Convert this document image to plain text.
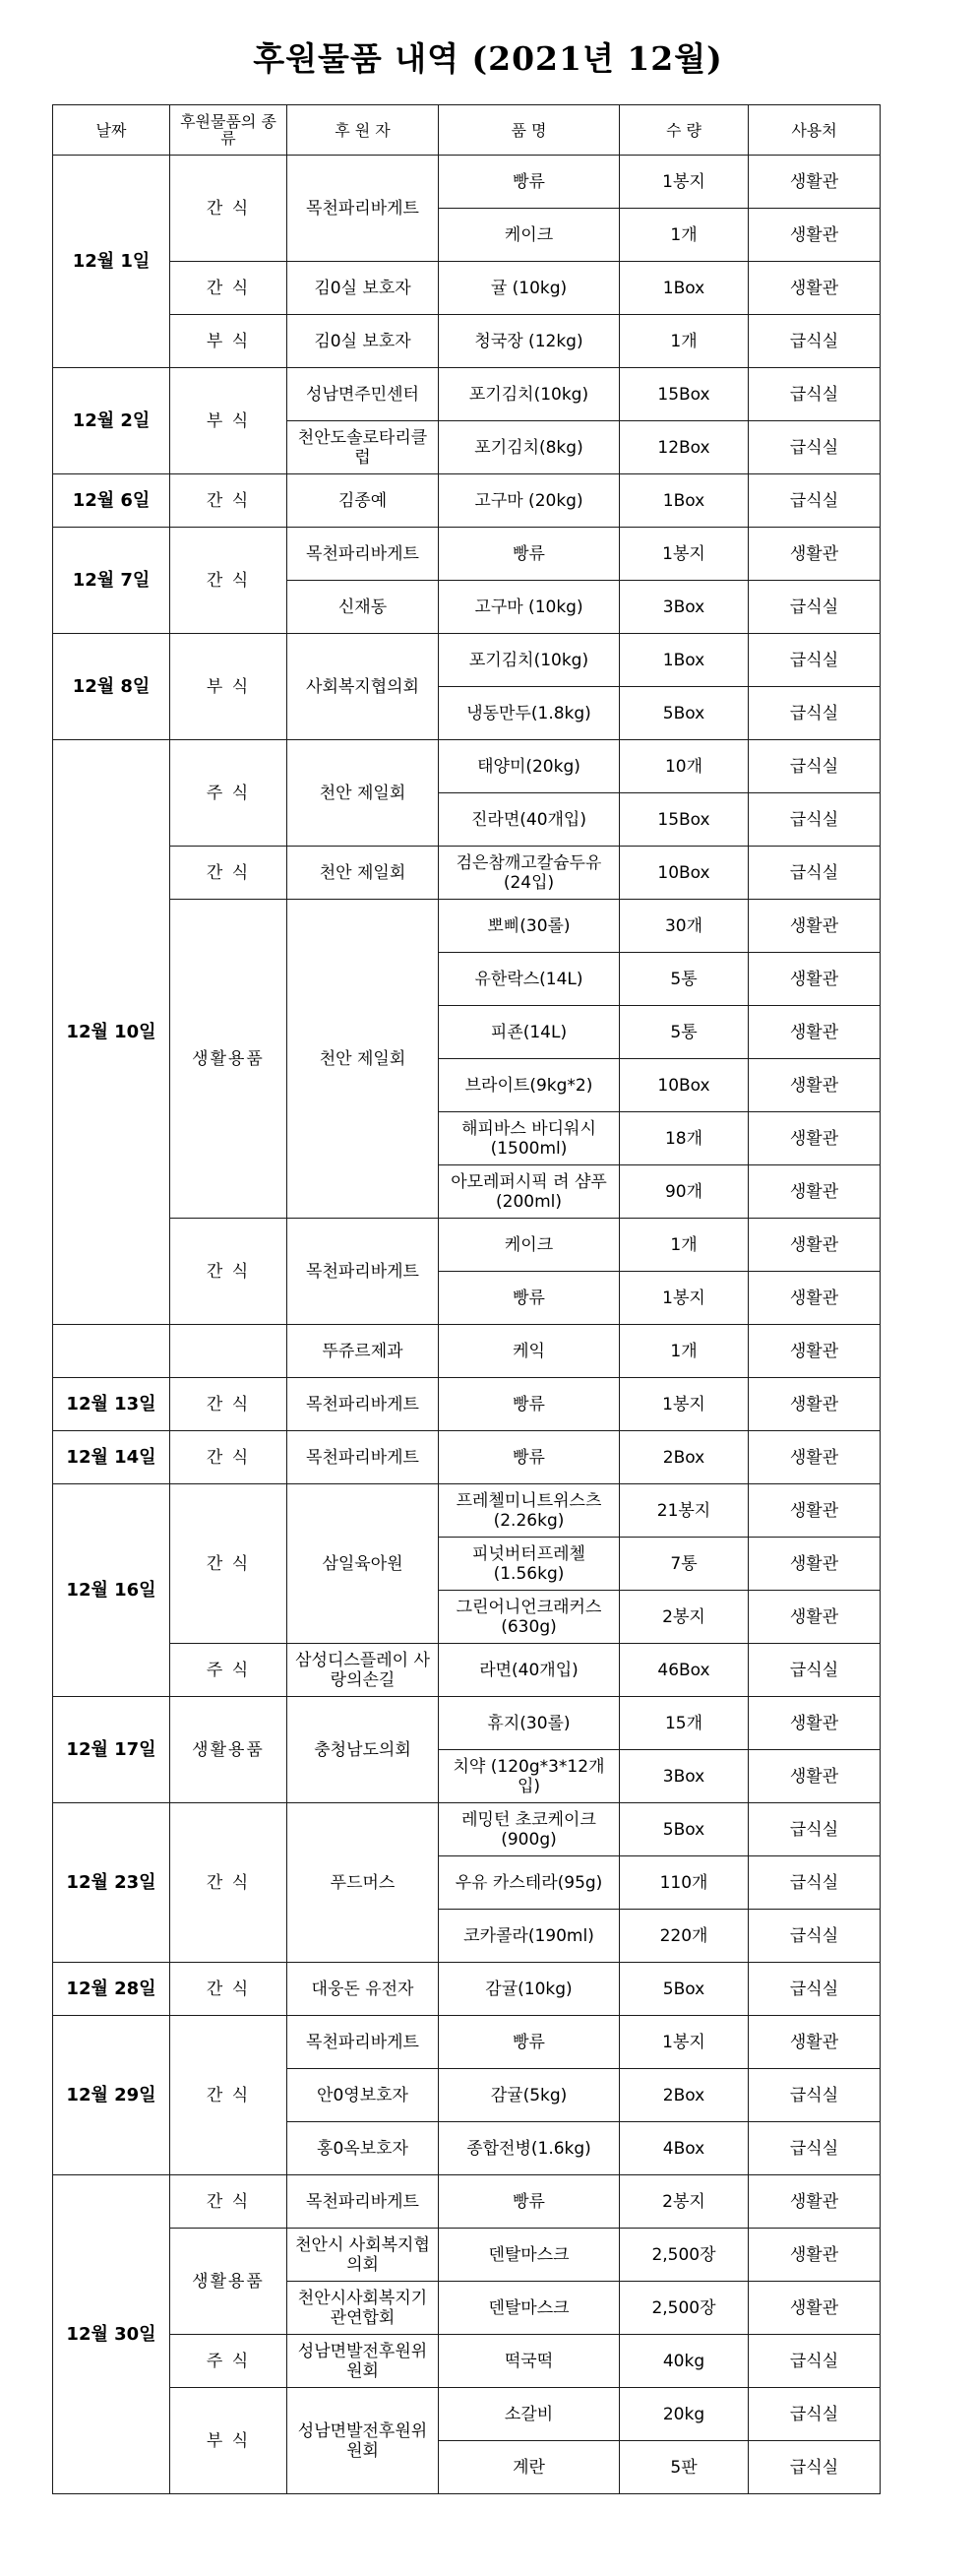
후원물품 내역 (2021년 12월)
날짜	후원물품의 종류	후 원 자	품 명	수 량	사용처
12월 1일	간 식	목천파리바게트	빵류	1봉지	생활관
			케이크	1개	생활관
	간 식	김0실 보호자	귤 (10kg)	1Box	생활관
	부 식	김0실 보호자	청국장 (12kg)	1개	급식실
12월 2일	부 식	성남면주민센터	포기김치(10kg)	15Box	급식실
		천안도솔로타리클럽	포기김치(8kg)	12Box	급식실
12월 6일	간 식	김종예	고구마 (20kg)	1Box	급식실
12월 7일	간 식	목천파리바게트	빵류	1봉지	생활관
		신재동	고구마 (10kg)	3Box	급식실
12월 8일	부 식	사회복지협의회	포기김치(10kg)	1Box	급식실
			냉동만두(1.8kg)	5Box	급식실
12월 10일	주 식	천안 제일회	태양미(20kg)	10개	급식실
			진라면(40개입)	15Box	급식실
	간 식	천안 제일회	검은참깨고칼슘두유(24입)	10Box	급식실
	생활용품	천안 제일회	뽀삐(30롤)	30개	생활관
			유한락스(14L)	5통	생활관
			피죤(14L)	5통	생활관
			브라이트(9kg*2)	10Box	생활관
			해피바스 바디워시(1500ml)	18개	생활관
			아모레퍼시픽 려 샴푸 (200ml)	90개	생활관
	간 식	목천파리바게트	케이크	1개	생활관
			빵류	1봉지	생활관
		뚜쥬르제과	케익	1개	생활관
12월 13일	간 식	목천파리바게트	빵류	1봉지	생활관
12월 14일	간 식	목천파리바게트	빵류	2Box	생활관
12월 16일	간 식	삼일육아원	프레첼미니트위스츠(2.26kg)	21봉지	생활관
			피넛버터프레첼(1.56kg)	7통	생활관
			그린어니언크래커스(630g)	2봉지	생활관
	주 식	삼성디스플레이 사랑의손길	라면(40개입)	46Box	급식실
12월 17일	생활용품	충청남도의회	휴지(30롤)	15개	생활관
			치약 (120g*3*12개입)	3Box	생활관
12월 23일	간 식	푸드머스	레밍턴 초코케이크(900g)	5Box	급식실
			우유 카스테라(95g)	110개	급식실
			코카콜라(190ml)	220개	급식실
12월 28일	간 식	대웅돈 유전자	감귤(10kg)	5Box	급식실
12월 29일	간 식	목천파리바게트	빵류	1봉지	생활관
		안0영보호자	감귤(5kg)	2Box	급식실
		홍0옥보호자	종합전병(1.6kg)	4Box	급식실
12월 30일	간 식	목천파리바게트	빵류	2봉지	생활관
	생활용품	천안시 사회복지협의회	덴탈마스크	2,500장	생활관
		천안시사회복지기관연합회	덴탈마스크	2,500장	생활관
	주 식	성남면발전후원위원회	떡국떡	40kg	급식실
	부 식	성남면발전후원위원회	소갈비	20kg	급식실
			계란	5판	급식실
